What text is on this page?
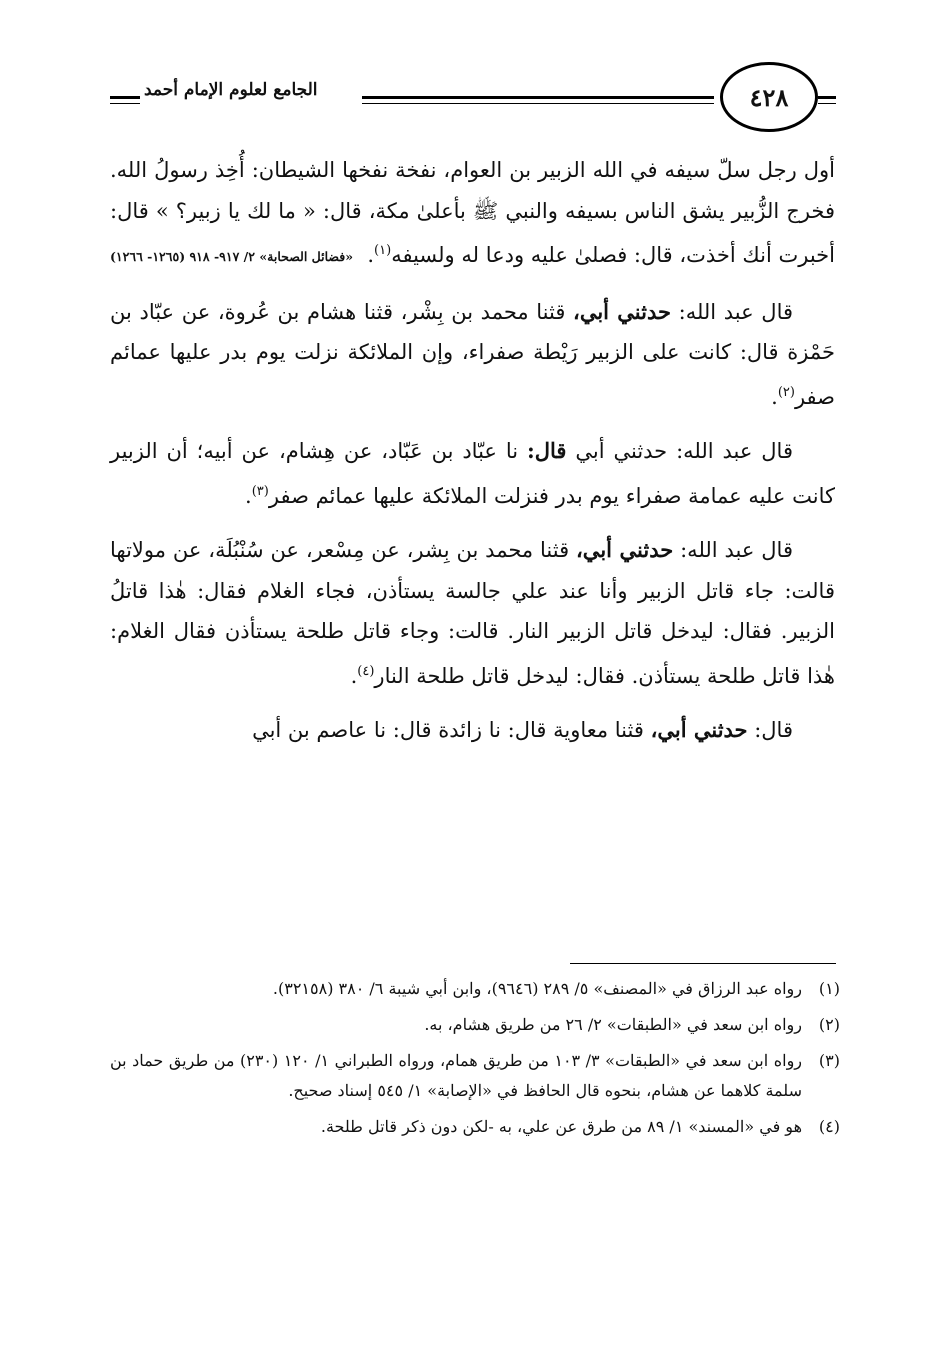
الجامع لعلوم الإمام أحمد	٤٢٨

أول رجل سلّ سيفه في الله الزبير بن العوام، نفخة نفخها الشيطان: أُخِذ رسولُ الله. فخرج الزُّبير يشق الناس بسيفه والنبي ﷺ بأعلىٰ مكة، قال: « ما لك يا زبير؟ » قال: أخبرت أنك أخذت، قال: فصلىٰ عليه ودعا له ولسيفه$^{(١)}$.
«فضائل الصحابة» ٢/ ٩١٧- ٩١٨ (١٢٦٥- ١٢٦٦)

قال عبد الله: حدثني أبي، قثنا محمد بن بِشْر، قثنا هشام بن عُروة، عن عبّاد بن حَمْزة قال: كانت على الزبير رَيْطة صفراء، وإن الملائكة نزلت يوم بدر عليها عمائم صفر$^{(٢)}$.

قال عبد الله: حدثني أبي قال: نا عبّاد بن عَبّاد، عن هِشام، عن أبيه؛ أن الزبير كانت عليه عمامة صفراء يوم بدر فنزلت الملائكة عليها عمائم صفر$^{(٣)}$.

قال عبد الله: حدثني أبي، قثنا محمد بن بِشر، عن مِسْعر، عن سُنْبُلَة، عن مولاتها قالت: جاء قاتل الزبير وأنا عند علي جالسة يستأذن، فجاء الغلام فقال: هٰذا قاتلُ الزبير. فقال: ليدخل قاتل الزبير النار. قالت: وجاء قاتل طلحة يستأذن فقال الغلام: هٰذا قاتل طلحة يستأذن. فقال: ليدخل قاتل طلحة النار$^{(٤)}$.

قال: حدثني أبي، قثنا معاوية قال: نا زائدة قال: نا عاصم بن أبي

(١)
رواه عبد الرزاق في «المصنف» ٥/ ٢٨٩ (٩٦٤٦)، وابن أبي شيبة ٦/ ٣٨٠ (٣٢١٥٨).
(٢)
رواه ابن سعد في «الطبقات» ٢/ ٢٦ من طريق هشام، به.
(٣)
رواه ابن سعد في «الطبقات» ٣/ ١٠٣ من طريق همام، ورواه الطبراني ١/ ١٢٠ (٢٣٠) من طريق حماد بن سلمة كلاهما عن هشام، بنحوه قال الحافظ في «الإصابة» ١/ ٥٤٥ إسناد صحيح.
(٤)
هو في «المسند» ١/ ٨٩ من طرق عن علي، به -لكن دون ذكر قاتل طلحة.
